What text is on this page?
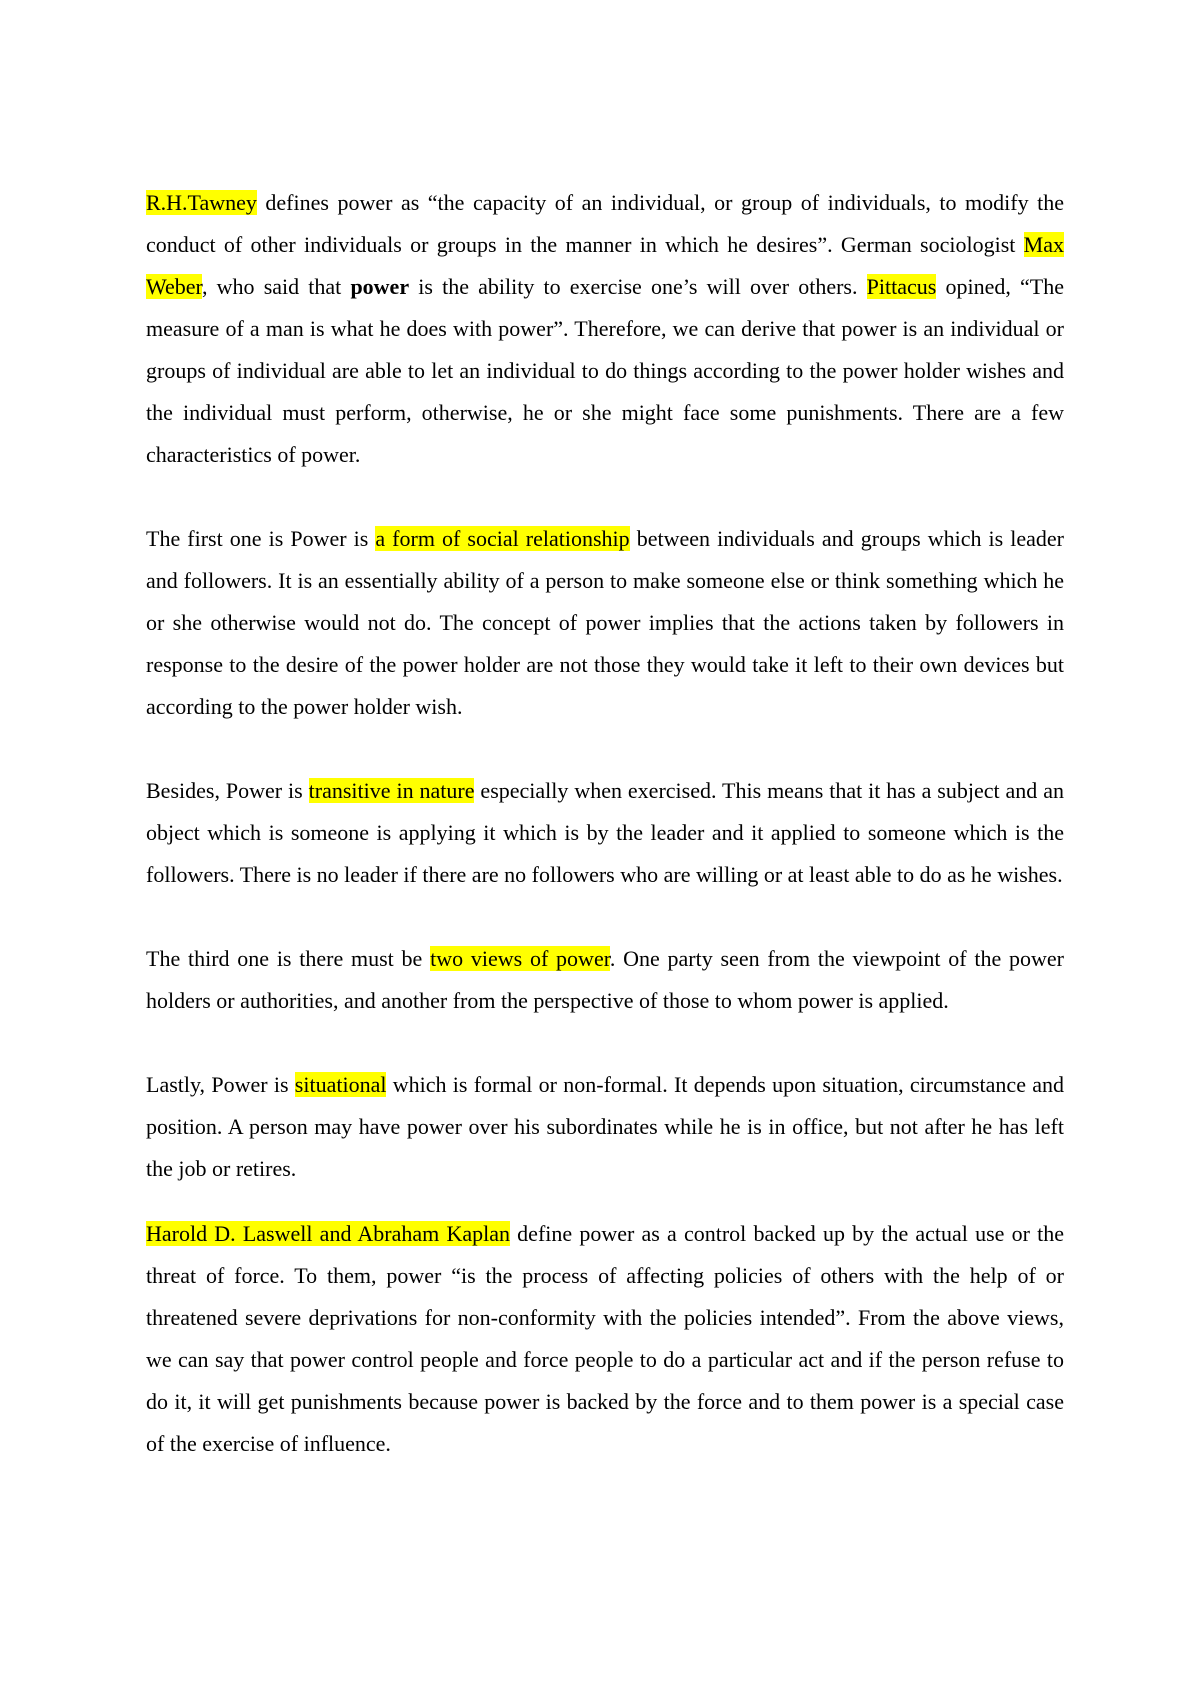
R.H.Tawney defines power as “the capacity of an individual, or group of individuals, to modify the conduct of other individuals or groups in the manner in which he desires”. German sociologist Max Weber, who said that power is the ability to exercise one’s will over others. Pittacus opined, “The measure of a man is what he does with power”. Therefore, we can derive that power is an individual or groups of individual are able to let an individual to do things according to the power holder wishes and the individual must perform, otherwise, he or she might face some punishments. There are a few characteristics of power.

The first one is Power is a form of social relationship between individuals and groups which is leader and followers. It is an essentially ability of a person to make someone else or think something which he or she otherwise would not do. The concept of power implies that the actions taken by followers in response to the desire of the power holder are not those they would take it left to their own devices but according to the power holder wish.

Besides, Power is transitive in nature especially when exercised. This means that it has a subject and an object which is someone is applying it which is by the leader and it applied to someone which is the followers. There is no leader if there are no followers who are willing or at least able to do as he wishes.

The third one is there must be two views of power. One party seen from the viewpoint of the power holders or authorities, and another from the perspective of those to whom power is applied.

Lastly, Power is situational which is formal or non-formal. It depends upon situation, circumstance and position. A person may have power over his subordinates while he is in office, but not after he has left the job or retires.

Harold D. Laswell and Abraham Kaplan define power as a control backed up by the actual use or the threat of force. To them, power “is the process of affecting policies of others with the help of or threatened severe deprivations for non-conformity with the policies intended”. From the above views, we can say that power control people and force people to do a particular act and if the person refuse to do it, it will get punishments because power is backed by the force and to them power is a special case of the exercise of influence.
